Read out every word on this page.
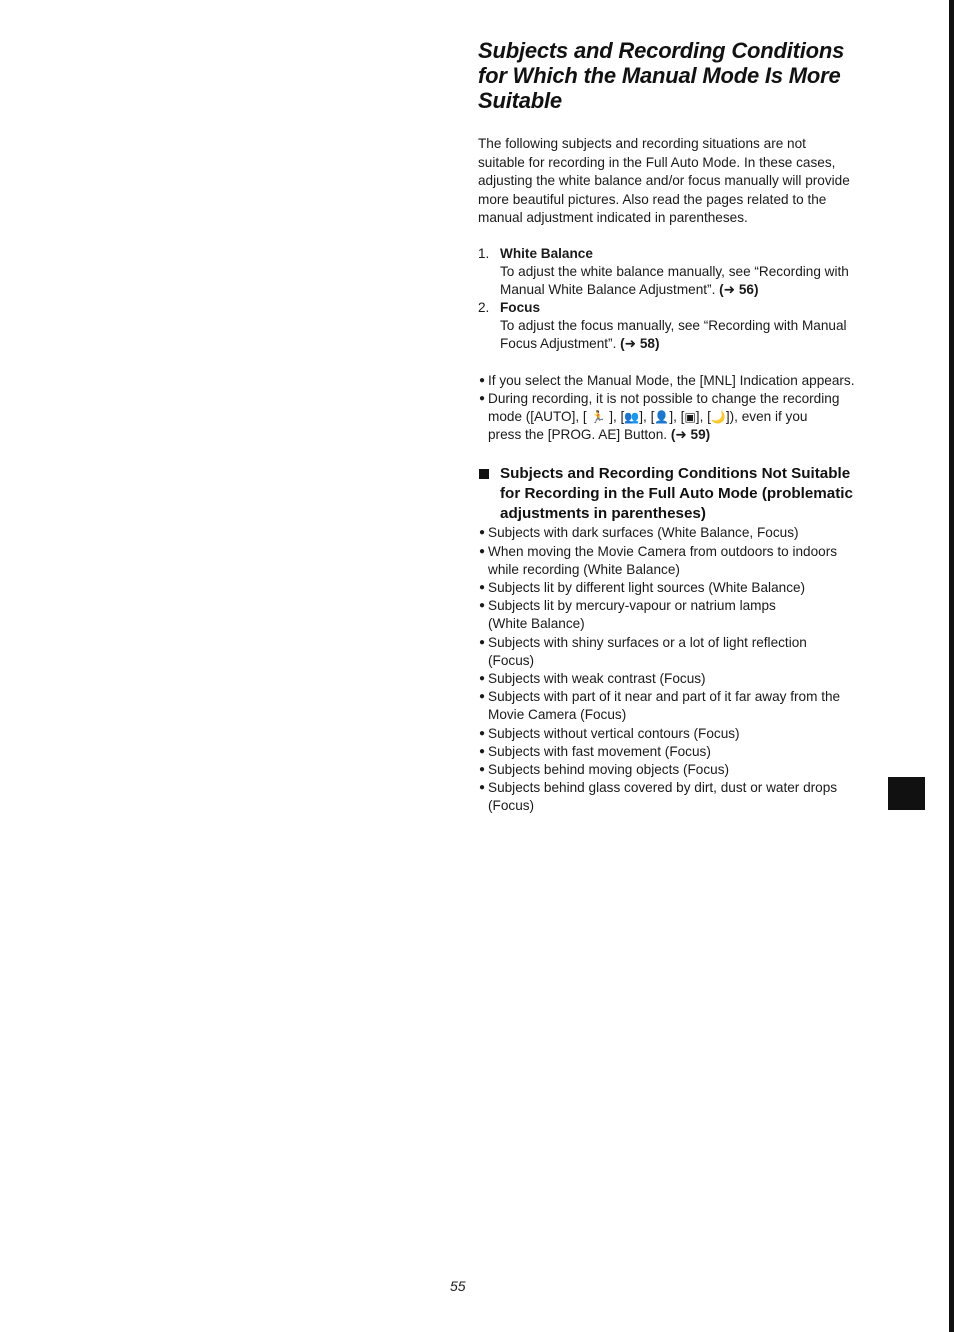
Subjects and Recording Conditions
for Which the Manual Mode Is More
Suitable

The following subjects and recording situations are not
suitable for recording in the Full Auto Mode. In these cases,
adjusting the white balance and/or focus manually will provide
more beautiful pictures. Also read the pages related to the
manual adjustment indicated in parentheses.

1. White Balance
To adjust the white balance manually, see “Recording with
Manual White Balance Adjustment”. (➜ 56)
2. Focus
To adjust the focus manually, see “Recording with Manual
Focus Adjustment”. (➜ 58)
● If you select the Manual Mode, the [MNL] Indication appears.
● During recording, it is not possible to change the recording
mode ([AUTO], [ 🏃 ], [👥], [👤], [▣], [🌙]), even if you
press the [PROG. AE] Button. (➜ 59)
Subjects and Recording Conditions Not Suitable
for Recording in the Full Auto Mode (problematic
adjustments in parentheses)
● Subjects with dark surfaces (White Balance, Focus)
● When moving the Movie Camera from outdoors to indoors
while recording (White Balance)
● Subjects lit by different light sources (White Balance)
● Subjects lit by mercury-vapour or natrium lamps
(White Balance)
● Subjects with shiny surfaces or a lot of light reflection
(Focus)
● Subjects with weak contrast (Focus)
● Subjects with part of it near and part of it far away from the
Movie Camera (Focus)
● Subjects without vertical contours (Focus)
● Subjects with fast movement (Focus)
● Subjects behind moving objects (Focus)
● Subjects behind glass covered by dirt, dust or water drops
(Focus)
55
